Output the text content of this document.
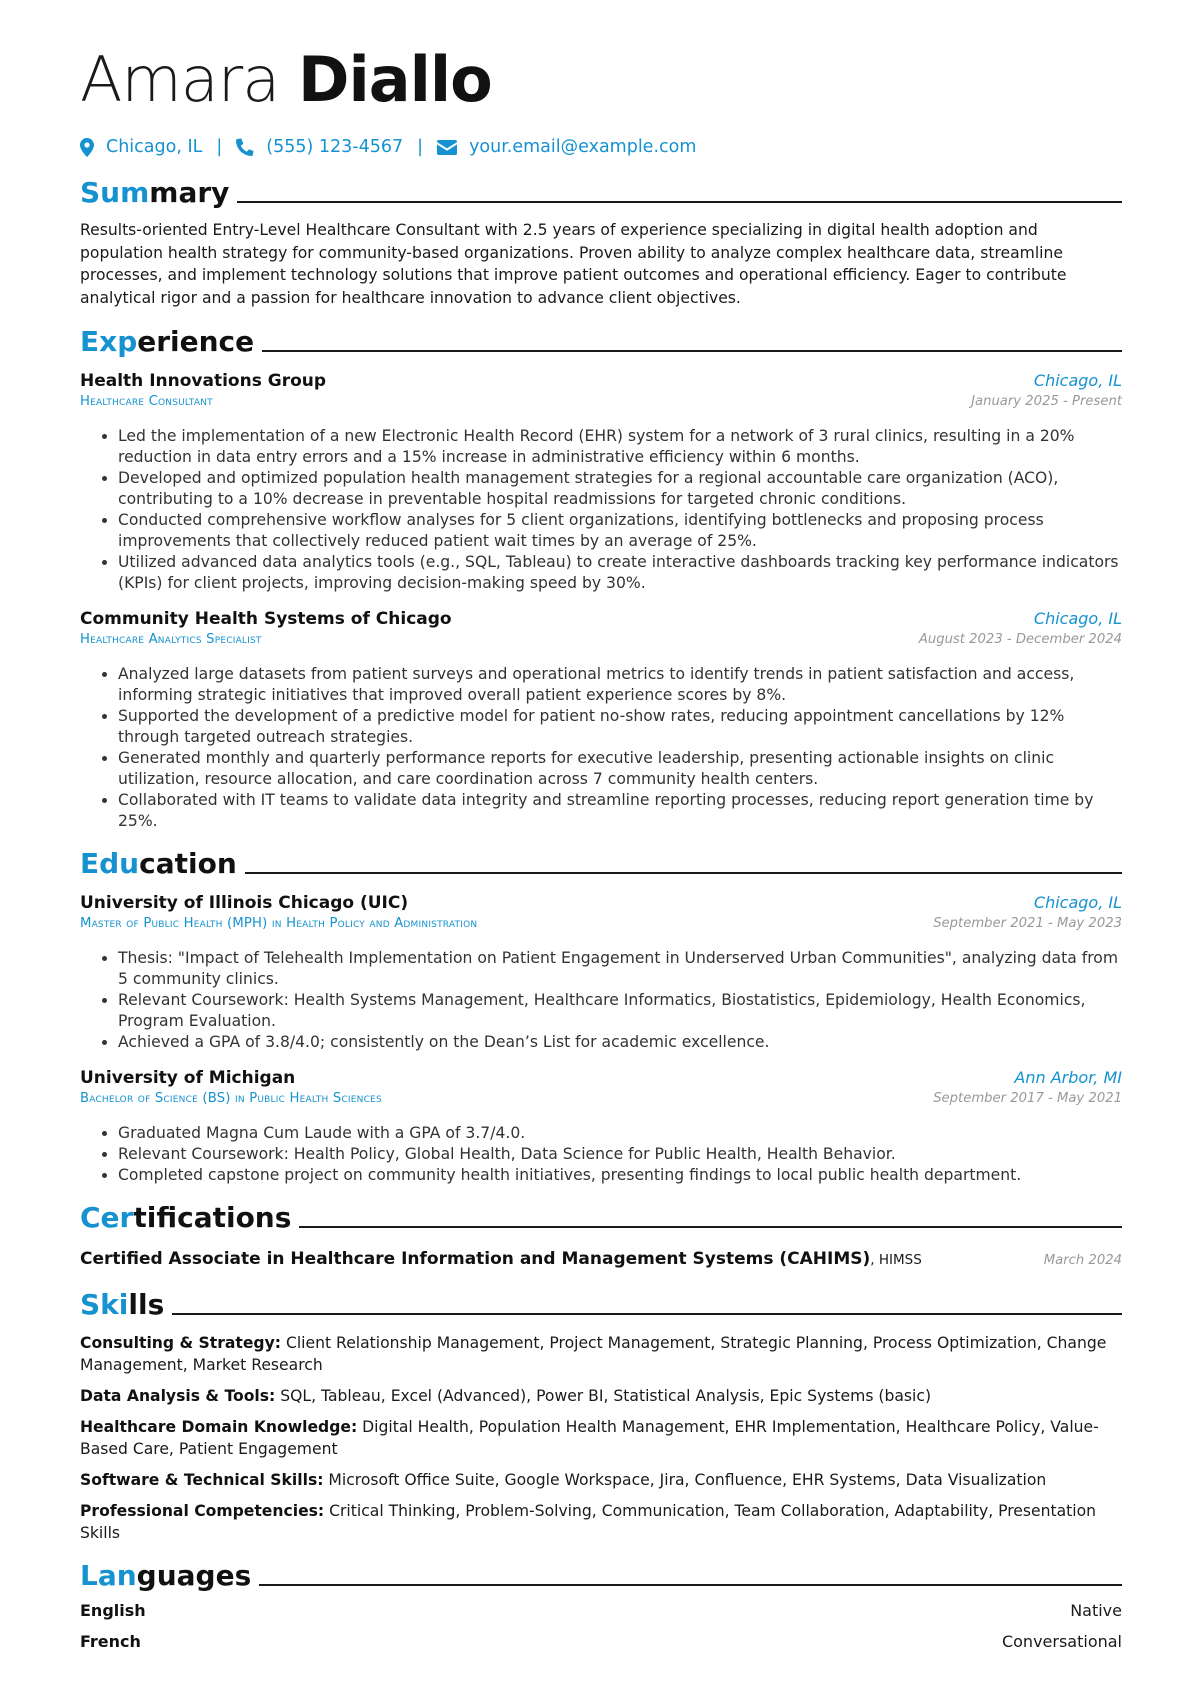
Amara Diallo
Chicago, IL |	(555) 123-4567 |	your.email@example.com
Summary
Results-oriented Entry-Level Healthcare Consultant with 2.5 years of experience specializing in digital health adoption and population health strategy for community-based organizations. Proven ability to analyze complex healthcare data, streamline processes, and implement technology solutions that improve patient outcomes and operational efficiency. Eager to contribute analytical rigor and a passion for healthcare innovation to advance client objectives.
Experience
Health Innovations Group	Chicago, IL
Healthcare Consultant	January 2025 - Present
• Led the implementation of a new Electronic Health Record (EHR) system for a network of 3 rural clinics, resulting in a 20% reduction in data entry errors and a 15% increase in administrative efficiency within 6 months.
• Developed and optimized population health management strategies for a regional accountable care organization (ACO), contributing to a 10% decrease in preventable hospital readmissions for targeted chronic conditions.
• Conducted comprehensive workflow analyses for 5 client organizations, identifying bottlenecks and proposing process improvements that collectively reduced patient wait times by an average of 25%.
• Utilized advanced data analytics tools (e.g., SQL, Tableau) to create interactive dashboards tracking key performance indicators (KPIs) for client projects, improving decision-making speed by 30%.
Community Health Systems of Chicago	Chicago, IL
Healthcare Analytics Specialist	August 2023 - December 2024
• Analyzed large datasets from patient surveys and operational metrics to identify trends in patient satisfaction and access, informing strategic initiatives that improved overall patient experience scores by 8%.
• Supported the development of a predictive model for patient no-show rates, reducing appointment cancellations by 12% through targeted outreach strategies.
• Generated monthly and quarterly performance reports for executive leadership, presenting actionable insights on clinic utilization, resource allocation, and care coordination across 7 community health centers.
• Collaborated with IT teams to validate data integrity and streamline reporting processes, reducing report generation time by 25%.
Education
University of Illinois Chicago (UIC)	Chicago, IL
Master of Public Health (MPH) in Health Policy and Administration	September 2021 - May 2023
• Thesis: "Impact of Telehealth Implementation on Patient Engagement in Underserved Urban Communities", analyzing data from 5 community clinics.
• Relevant Coursework: Health Systems Management, Healthcare Informatics, Biostatistics, Epidemiology, Health Economics, Program Evaluation.
• Achieved a GPA of 3.8/4.0; consistently on the Dean’s List for academic excellence.
University of Michigan	Ann Arbor, MI
Bachelor of Science (BS) in Public Health Sciences	September 2017 - May 2021
• Graduated Magna Cum Laude with a GPA of 3.7/4.0.
• Relevant Coursework: Health Policy, Global Health, Data Science for Public Health, Health Behavior.
• Completed capstone project on community health initiatives, presenting findings to local public health department.
Certifications
Certified Associate in Healthcare Information and Management Systems (CAHIMS), HIMSS	March 2024
Skills
Consulting & Strategy: Client Relationship Management, Project Management, Strategic Planning, Process Optimization, Change Management, Market Research
Data Analysis & Tools: SQL, Tableau, Excel (Advanced), Power BI, Statistical Analysis, Epic Systems (basic)
Healthcare Domain Knowledge: Digital Health, Population Health Management, EHR Implementation, Healthcare Policy, Value-Based Care, Patient Engagement
Software & Technical Skills: Microsoft Office Suite, Google Workspace, Jira, Confluence, EHR Systems, Data Visualization
Professional Competencies: Critical Thinking, Problem-Solving, Communication, Team Collaboration, Adaptability, Presentation Skills
Languages
English	Native
French	Conversational
